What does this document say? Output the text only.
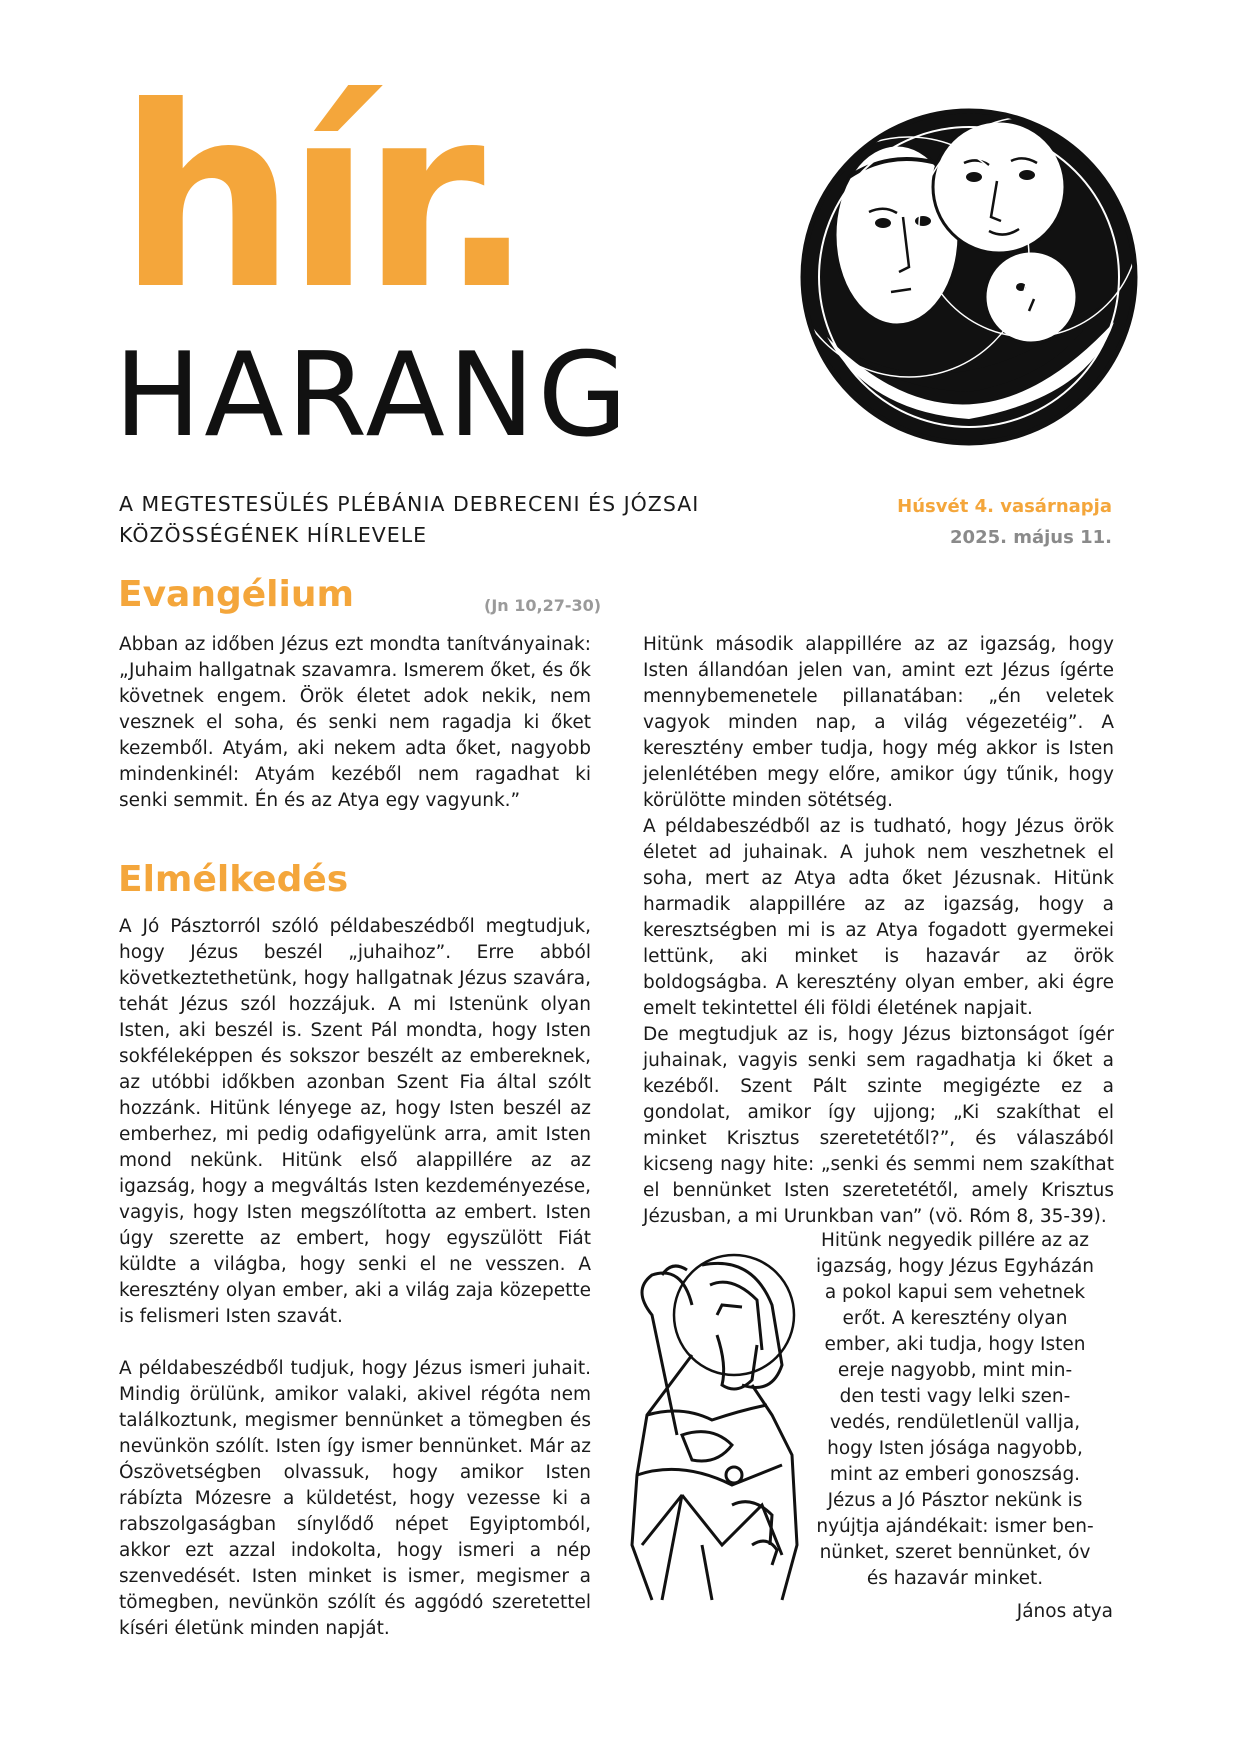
hír.
HARANG
A MEGTESTESÜLÉS PLÉBÁNIA DEBRECENI ÉS JÓZSAI KÖZÖSSÉGÉNEK HÍRLEVELE
Húsvét 4. vasárnapja
2025. május 11.
Evangélium	(Jn 10,27-30)

Abban az időben Jézus ezt mondta tanítványainak: „Juhaim hallgatnak szavamra. Ismerem őket, és ők követnek engem. Örök életet adok nekik, nem vesznek el soha, és senki nem ragadja ki őket kezemből. Atyám, aki nekem adta őket, nagyobb mindenkinél: Atyám kezéből nem ragadhat ki senki semmit. Én és az Atya egy vagyunk.”

Elmélkedés

A Jó Pásztorról szóló példabeszédből megtudjuk, hogy Jézus beszél „juhaihoz”. Erre abból következtethetünk, hogy hallgatnak Jézus szavára, tehát Jézus szól hozzájuk. A mi Istenünk olyan Isten, aki beszél is. Szent Pál mondta, hogy Isten sokféleképpen és sokszor beszélt az embereknek, az utóbbi időkben azonban Szent Fia által szólt hozzánk. Hitünk lényege az, hogy Isten beszél az emberhez, mi pedig odafigyelünk arra, amit Isten mond nekünk. Hitünk első alappillére az az igazság, hogy a megváltás Isten kezdeményezése, vagyis, hogy Isten megszólította az embert. Isten úgy szerette az embert, hogy egyszülött Fiát küldte a világba, hogy senki el ne vesszen. A keresztény olyan ember, aki a világ zaja közepette is felismeri Isten szavát.

A példabeszédből tudjuk, hogy Jézus ismeri juhait. Mindig örülünk, amikor valaki, akivel régóta nem találkoztunk, megismer bennünket a tömegben és nevünkön szólít. Isten így ismer bennünket. Már az Ószövetségben olvassuk, hogy amikor Isten rábízta Mózesre a küldetést, hogy vezesse ki a rabszolgaságban sínylődő népet Egyiptomból, akkor ezt azzal indokolta, hogy ismeri a nép szenvedését. Isten minket is ismer, megismer a tömegben, nevünkön szólít és aggódó szeretettel kíséri életünk minden napját.

Hitünk második alappillére az az igazság, hogy Isten állandóan jelen van, amint ezt Jézus ígérte mennybemenetele pillanatában: „én veletek vagyok minden nap, a világ végezetéig”. A keresztény ember tudja, hogy még akkor is Isten jelenlétében megy előre, amikor úgy tűnik, hogy körülötte minden sötétség.

A példabeszédből az is tudható, hogy Jézus örök életet ad juhainak. A juhok nem veszhetnek el soha, mert az Atya adta őket Jézusnak. Hitünk harmadik alappillére az az igazság, hogy a keresztségben mi is az Atya fogadott gyermekei lettünk, aki minket is hazavár az örök boldogságba. A keresztény olyan ember, aki égre emelt tekintettel éli földi életének napjait.

De megtudjuk az is, hogy Jézus biztonságot ígér juhainak, vagyis senki sem ragadhatja ki őket a kezéből. Szent Pált szinte megigézte ez a gondolat, amikor így ujjong; „Ki szakíthat el minket Krisztus szeretetétől?”, és válaszából kicseng nagy hite: „senki és semmi nem szakíthat el bennünket Isten szeretetétől, amely Krisztus Jézusban, a mi Urunkban van” (vö. Róm 8, 35-39).

Hitünk negyedik pillére az az
igazság, hogy Jézus Egyházán
a pokol kapui sem vehetnek
erőt. A keresztény olyan
ember, aki tudja, hogy Isten
ereje nagyobb, mint min-
den testi vagy lelki szen-
vedés, rendületlenül vallja,
hogy Isten jósága nagyobb,
mint az emberi gonoszság.
Jézus a Jó Pásztor nekünk is
nyújtja ajándékait: ismer ben-
nünket, szeret bennünket, óv
és hazavár minket.
János atya
